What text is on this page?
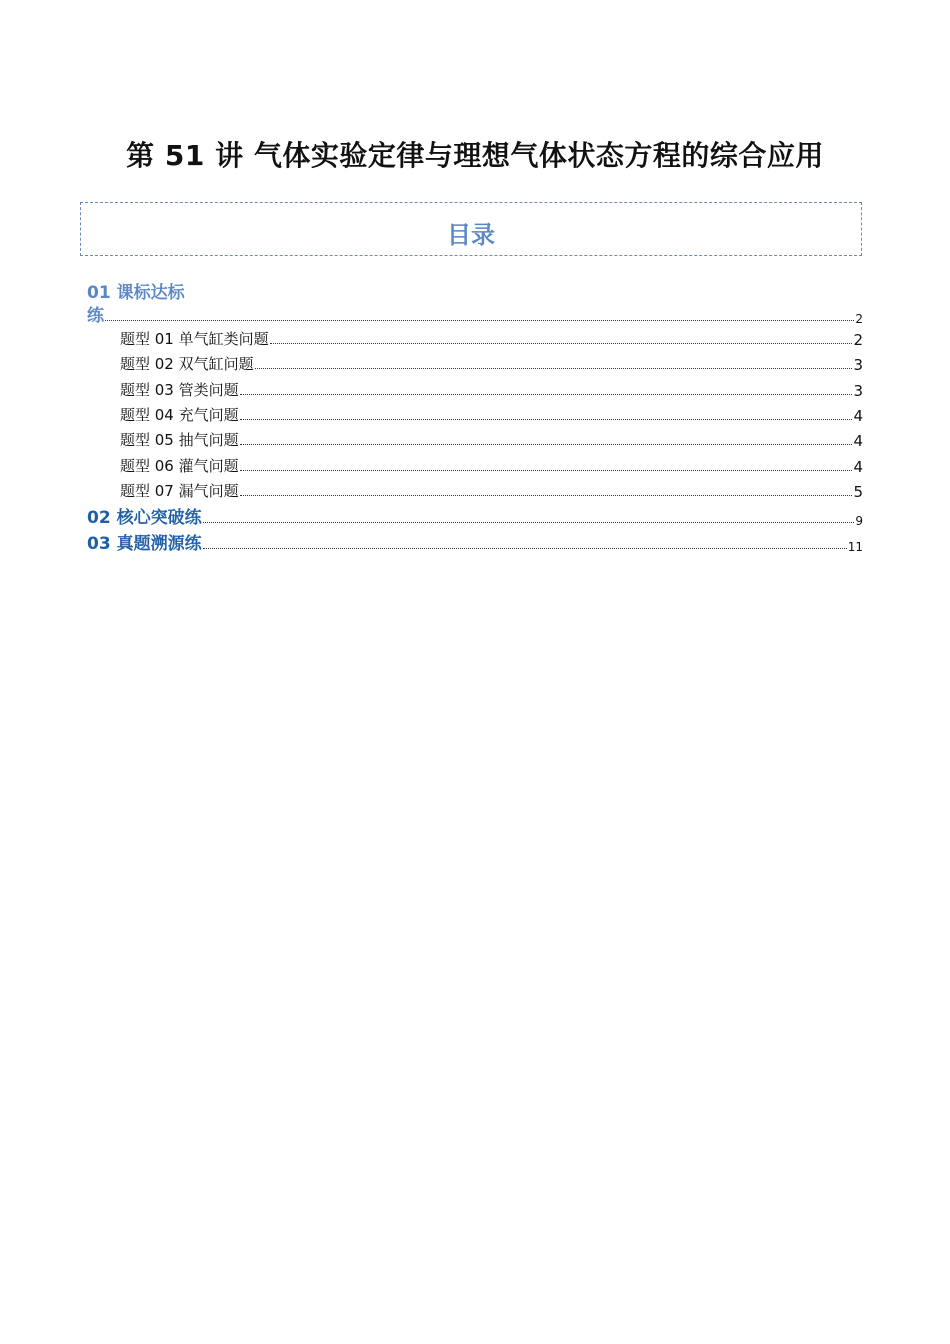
第 51 讲 气体实验定律与理想气体状态方程的综合应用
目录
01 课标达标
练	2
题型 01 单气缸类问题	2
题型 02 双气缸问题	3
题型 03 管类问题	3
题型 04 充气问题	4
题型 05 抽气问题	4
题型 06 灌气问题	4
题型 07 漏气问题	5
02 核心突破练	9
03 真题溯源练	11
